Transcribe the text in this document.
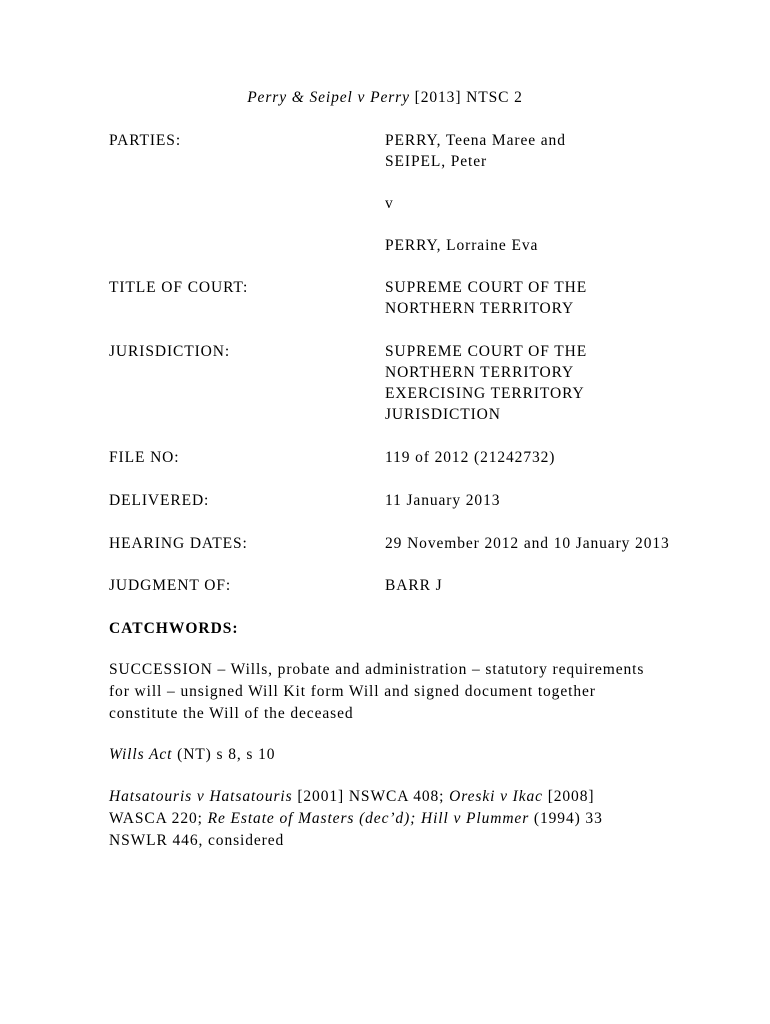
Perry & Seipel v Perry [2013] NTSC 2
PARTIES:	PERRY, Teena Maree and
SEIPEL, Peter
v
PERRY, Lorraine Eva
TITLE OF COURT:	SUPREME COURT OF THE
NORTHERN TERRITORY
JURISDICTION:	SUPREME COURT OF THE
NORTHERN TERRITORY
EXERCISING TERRITORY
JURISDICTION
FILE NO:	119 of 2012 (21242732)
DELIVERED:	11 January 2013
HEARING DATES:	29 November 2012 and 10 January 2013
JUDGMENT OF:	BARR J
CATCHWORDS:
SUCCESSION – Wills, probate and administration – statutory requirements
for will – unsigned Will Kit form Will and signed document together
constitute the Will of the deceased
Wills Act (NT) s 8, s 10
Hatsatouris v Hatsatouris [2001] NSWCA 408; Oreski v Ikac [2008]
WASCA 220; Re Estate of Masters (dec’d); Hill v Plummer (1994) 33
NSWLR 446, considered
